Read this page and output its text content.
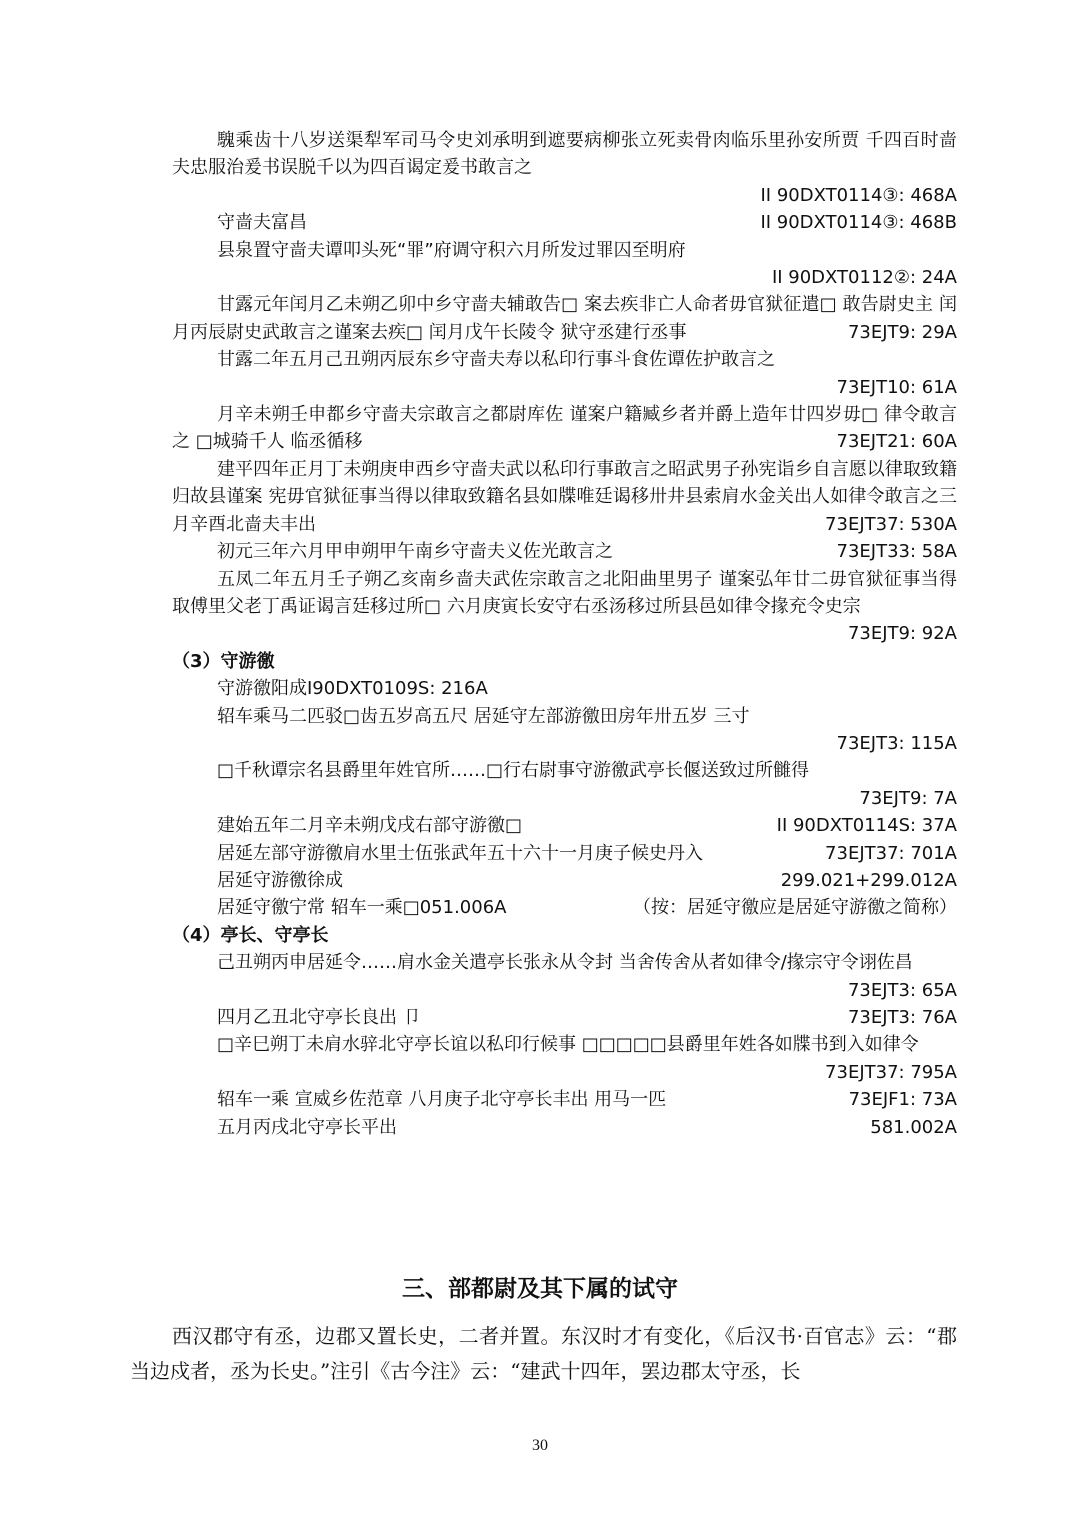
騩乘齿十八岁送渠犁军司马令史刘承明到遮要病柳张立死卖骨肉临乐里孙安所贾 千四百时啬夫忠服治爰书误脱千以为四百谒定爰书敢言之
ⅠⅠ 90DXT0114③: 468A
守啬夫富昌	ⅠⅠ 90DXT0114③: 468B
县泉置守啬夫谭叩头死“罪”府调守积六月所发过罪囚至明府
ⅠⅠ 90DXT0112②: 24A
甘露元年闰月乙未朔乙卯中乡守啬夫辅敢告□ 案去疾非亡人命者毋官狱征遣□ 敢告尉史主 闰月丙辰尉史武敢言之谨案去疾□ 闰月戊午长陵令 狱守丞建行丞事	73EJT9: 29A
甘露二年五月己丑朔丙辰东乡守啬夫寿以私印行事斗食佐谭佐护敢言之
73EJT10: 61A
月辛未朔壬申都乡守啬夫宗敢言之都尉库佐 谨案户籍臧乡者并爵上造年廿四岁毋□ 律令敢言之 □城骑千人 临丞循移	73EJT21: 60A
建平四年正月丁未朔庚申西乡守啬夫武以私印行事敢言之昭武男子孙宪诣乡自言愿以律取致籍归故县谨案 宪毋官狱征事当得以律取致籍名县如牒唯廷谒移卅井县索肩水金关出人如律令敢言之三月辛酉北啬夫丰出	73EJT37: 530A
初元三年六月甲申朔甲午南乡守啬夫义佐光敢言之	73EJT33: 58A
五凤二年五月壬子朔乙亥南乡啬夫武佐宗敢言之北阳曲里男子 谨案弘年廿二毋官狱征事当得取傅里父老丁禹证谒言廷移过所□ 六月庚寅长安守右丞汤移过所县邑如律令掾充令史宗
73EJT9: 92A
（3）守游徼
守游徼阳成Ⅰ90DXT0109S: 216A
轺车乘马二匹驳□齿五岁高五尺 居延守左部游徼田房年卅五岁 三寸
73EJT3: 115A
□千秋谭宗名县爵里年姓官所……□行右尉事守游徼武亭长偃送致过所雠得
73EJT9: 7A
建始五年二月辛未朔戊戌右部守游徼□	ⅠⅠ 90DXT0114S: 37A
居延左部守游徼肩水里士伍张武年五十六十一月庚子候史丹入	73EJT37: 701A
居延守游徼徐成	299.021+299.012A
居延守徼宁常 轺车一乘□051.006A	（按：居延守徼应是居延守游徼之简称）
（4）亭长、守亭长
己丑朔丙申居延令……肩水金关遣亭长张永从令封 当舍传舍从者如律令/掾宗守令诩佐昌
73EJT3: 65A
四月乙丑北守亭长良出 卩	73EJT3: 76A
□辛巳朔丁未肩水骍北守亭长谊以私印行候事 □□□□□县爵里年姓各如牒书到入如律令
73EJT37: 795A
轺车一乘 宣威乡佐范章 八月庚子北守亭长丰出 用马一匹	73EJF1: 73A
五月丙戌北守亭长平出	581.002A
三、部都尉及其下属的试守

西汉郡守有丞，边郡又置长史，二者并置。东汉时才有变化，《后汉书·百官志》云：“郡当边戍者，丞为长史。”注引《古今注》云：“建武十四年，罢边郡太守丞，长

30
